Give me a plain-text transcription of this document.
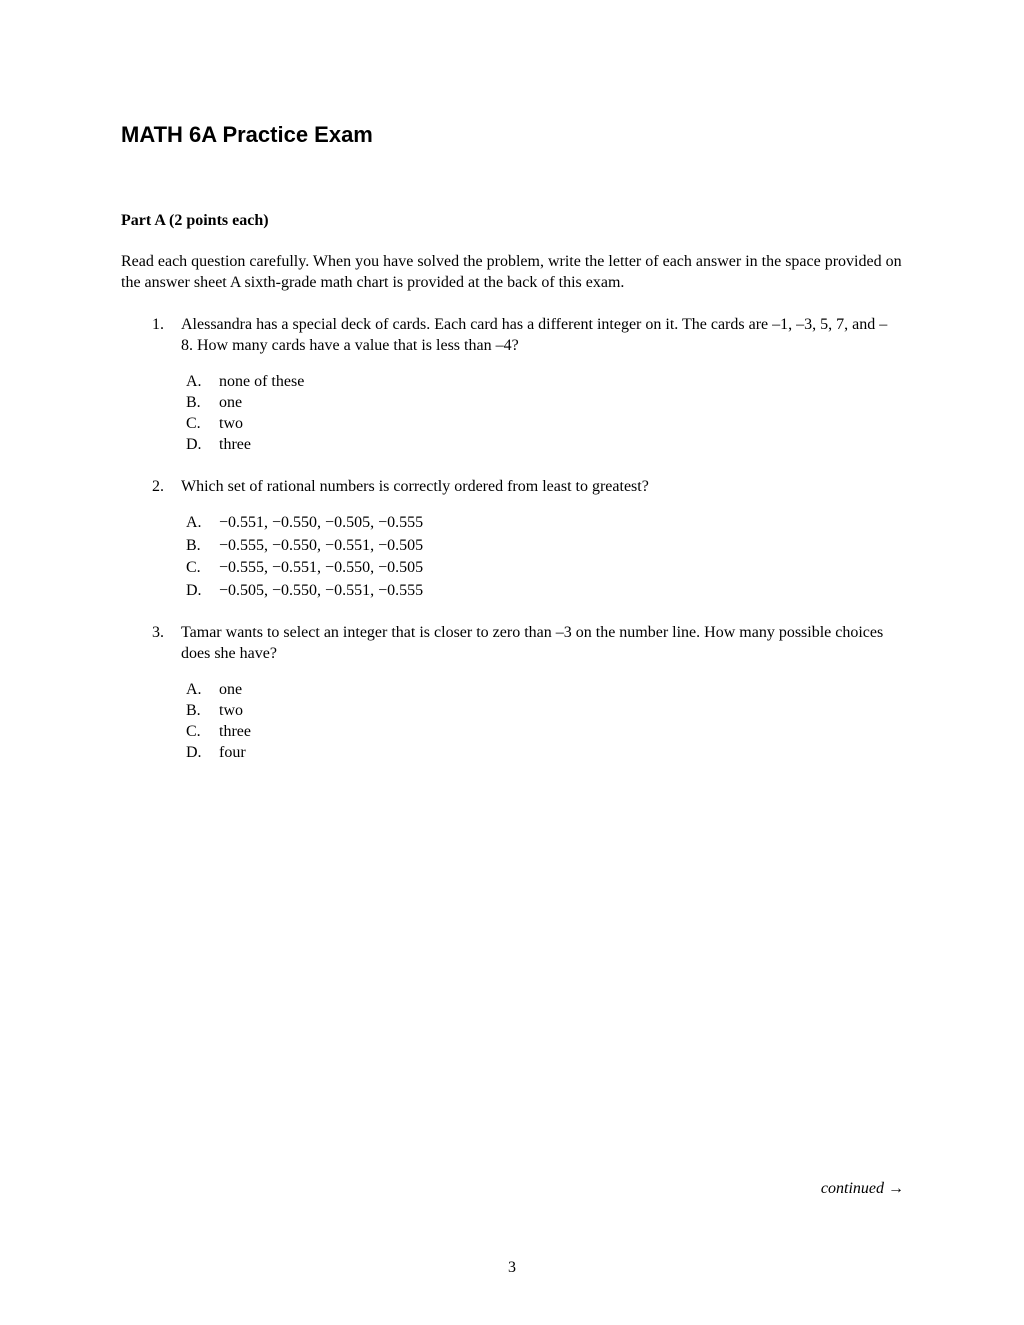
MATH 6A Practice Exam
Part A (2 points each)

Read each question carefully. When you have solved the problem, write the letter of each answer in the space provided on the answer sheet A sixth-grade math chart is provided at the back of this exam.

1.	Alessandra has a special deck of cards. Each card has a different integer on it. The cards are –1, –3, 5, 7, and –8. How many cards have a value that is less than –4?
A.	none of these
B.	one
C.	two
D.	three
2.	Which set of rational numbers is correctly ordered from least to greatest?
A.	−0.551, −0.550, −0.505, −0.555
B.	−0.555, −0.550, −0.551, −0.505
C.	−0.555, −0.551, −0.550, −0.505
D.	−0.505, −0.550, −0.551, −0.555
3.	Tamar wants to select an integer that is closer to zero than –3 on the number line. How many possible choices does she have?
A.	one
B.	two
C.	three
D.	four

continued →

3
